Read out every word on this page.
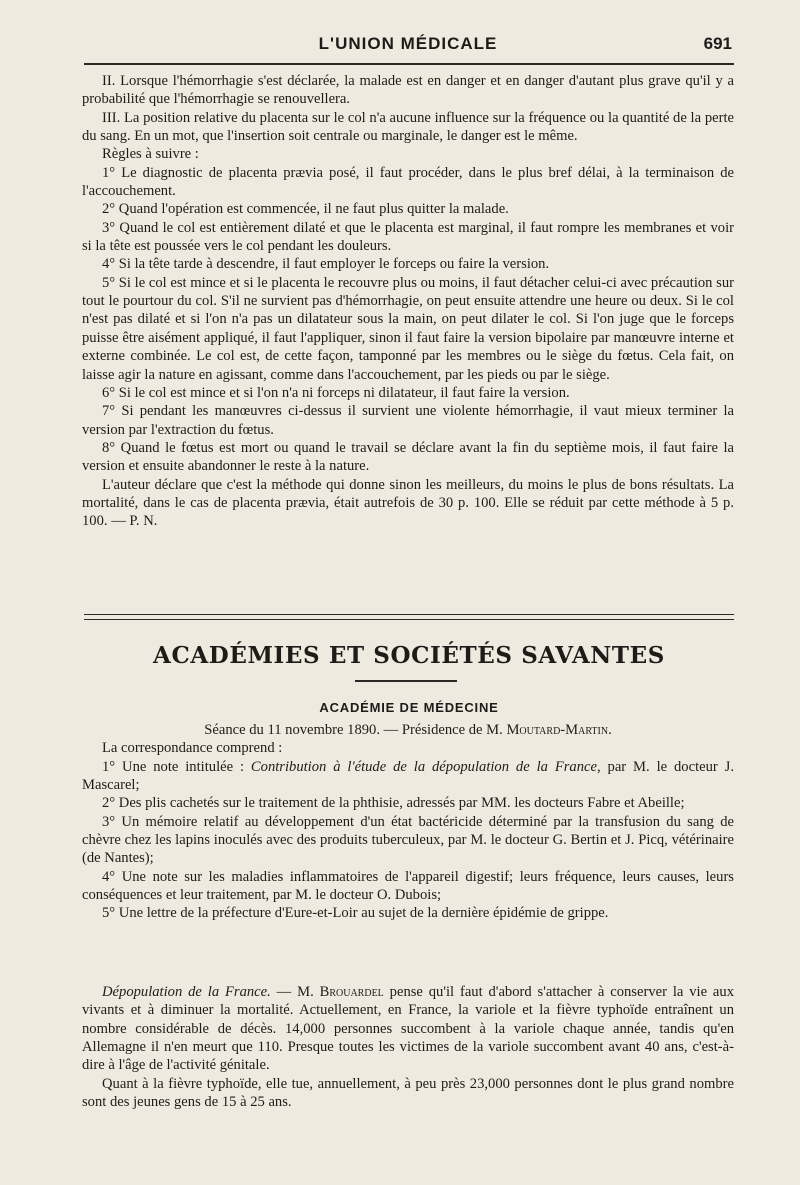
L'UNION MÉDICALE	691

II. Lorsque l'hémorrhagie s'est déclarée, la malade est en danger et en danger d'autant plus grave qu'il y a probabilité que l'hémorrhagie se renouvellera.

III. La position relative du placenta sur le col n'a aucune influence sur la fréquence ou la quantité de la perte du sang. En un mot, que l'insertion soit centrale ou marginale, le danger est le même.

Règles à suivre :

1° Le diagnostic de placenta prævia posé, il faut procéder, dans le plus bref délai, à la terminaison de l'accouchement.

2° Quand l'opération est commencée, il ne faut plus quitter la malade.

3° Quand le col est entièrement dilaté et que le placenta est marginal, il faut rompre les membranes et voir si la tête est poussée vers le col pendant les douleurs.

4° Si la tête tarde à descendre, il faut employer le forceps ou faire la version.

5° Si le col est mince et si le placenta le recouvre plus ou moins, il faut détacher celui-ci avec précaution sur tout le pourtour du col. S'il ne survient pas d'hémorrhagie, on peut ensuite attendre une heure ou deux. Si le col n'est pas dilaté et si l'on n'a pas un dilatateur sous la main, on peut dilater le col. Si l'on juge que le forceps puisse être aisément appliqué, il faut l'appliquer, sinon il faut faire la version bipolaire par manœuvre interne et externe combinée. Le col est, de cette façon, tamponné par les membres ou le siège du fœtus. Cela fait, on laisse agir la nature en agissant, comme dans l'accouchement, par les pieds ou par le siège.

6° Si le col est mince et si l'on n'a ni forceps ni dilatateur, il faut faire la version.

7° Si pendant les manœuvres ci-dessus il survient une violente hémorrhagie, il vaut mieux terminer la version par l'extraction du fœtus.

8° Quand le fœtus est mort ou quand le travail se déclare avant la fin du septième mois, il faut faire la version et ensuite abandonner le reste à la nature.

L'auteur déclare que c'est la méthode qui donne sinon les meilleurs, du moins le plus de bons résultats. La mortalité, dans le cas de placenta prævia, était autrefois de 30 p. 100. Elle se réduit par cette méthode à 5 p. 100. — P. N.

ACADÉMIES ET SOCIÉTÉS SAVANTES
ACADÉMIE DE MÉDECINE

Séance du 11 novembre 1890. — Présidence de M. Moutard-Martin.

La correspondance comprend :

1° Une note intitulée : Contribution à l'étude de la dépopulation de la France, par M. le docteur J. Mascarel;

2° Des plis cachetés sur le traitement de la phthisie, adressés par MM. les docteurs Fabre et Abeille;

3° Un mémoire relatif au développement d'un état bactéricide déterminé par la transfusion du sang de chèvre chez les lapins inoculés avec des produits tuberculeux, par M. le docteur G. Bertin et J. Picq, vétérinaire (de Nantes);

4° Une note sur les maladies inflammatoires de l'appareil digestif; leurs fréquence, leurs causes, leurs conséquences et leur traitement, par M. le docteur O. Dubois;

5° Une lettre de la préfecture d'Eure-et-Loir au sujet de la dernière épidémie de grippe.

Dépopulation de la France. — M. Brouardel pense qu'il faut d'abord s'attacher à conserver la vie aux vivants et à diminuer la mortalité. Actuellement, en France, la variole et la fièvre typhoïde entraînent un nombre considérable de décès. 14,000 personnes succombent à la variole chaque année, tandis qu'en Allemagne il n'en meurt que 110. Presque toutes les victimes de la variole succombent avant 40 ans, c'est-à-dire à l'âge de l'activité génitale.

Quant à la fièvre typhoïde, elle tue, annuellement, à peu près 23,000 personnes dont le plus grand nombre sont des jeunes gens de 15 à 25 ans.
